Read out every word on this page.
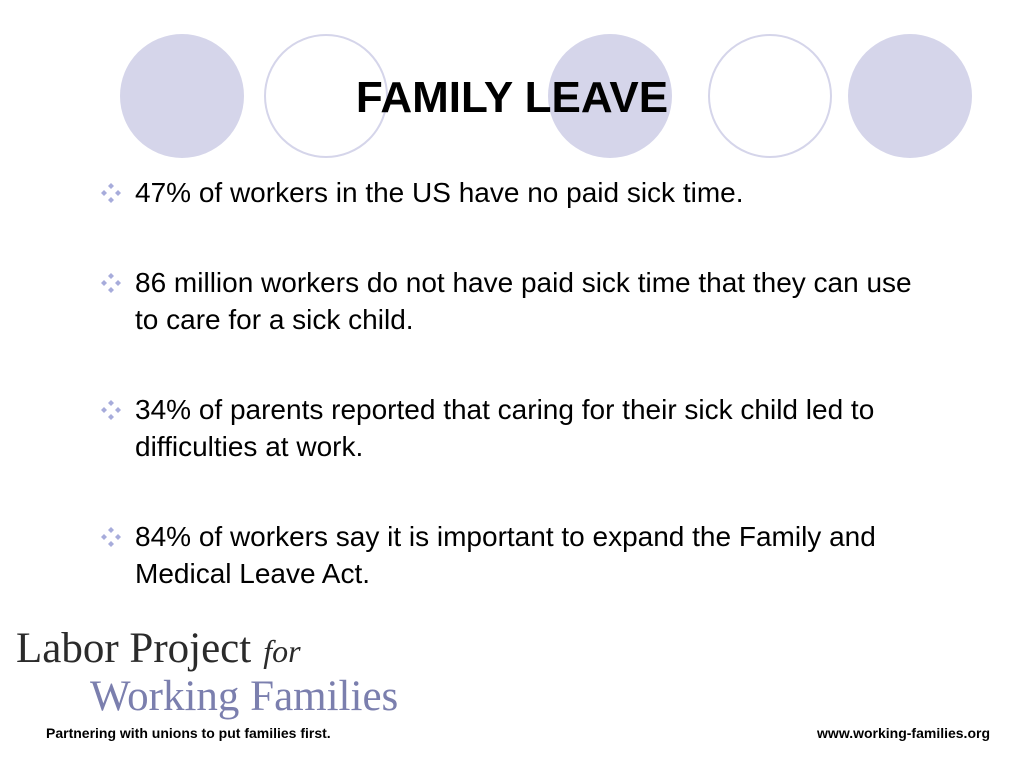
FAMILY LEAVE
47% of workers in the US have no paid sick time.
86 million workers do not have paid sick time that they can use to care for a sick child.
34% of parents reported that caring for their sick child led to difficulties at work.
84% of workers say it is important to expand the Family and Medical Leave Act.
Labor Project for
Working Families
Partnering with unions to put families first.	www.working-families.org
